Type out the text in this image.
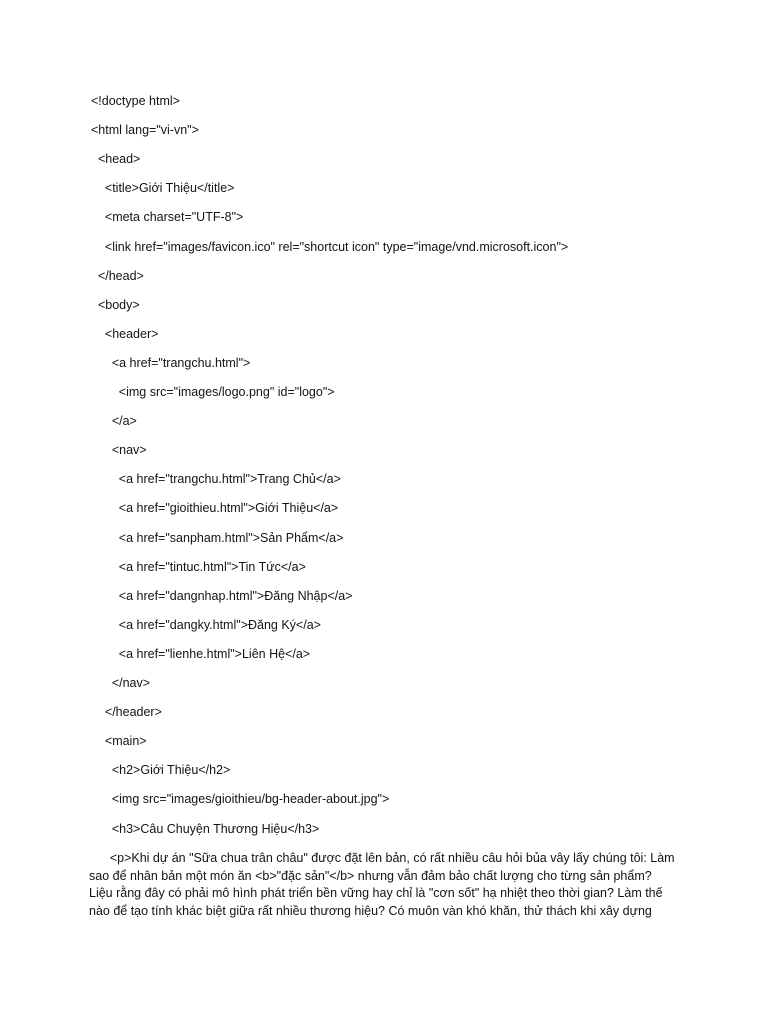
<!doctype html>
<html lang="vi-vn">
<head>
<title>Giới Thiệu</title>
<meta charset="UTF-8">
<link href="images/favicon.ico" rel="shortcut icon" type="image/vnd.microsoft.icon">
</head>
<body>
<header>
<a href="trangchu.html">
<img src="images/logo.png" id="logo">
</a>
<nav>
<a href="trangchu.html">Trang Chủ</a>
<a href="gioithieu.html">Giới Thiệu</a>
<a href="sanpham.html">Sản Phẩm</a>
<a href="tintuc.html">Tin Tức</a>
<a href="dangnhap.html">Đăng Nhập</a>
<a href="dangky.html">Đăng Ký</a>
<a href="lienhe.html">Liên Hệ</a>
</nav>
</header>
<main>
<h2>Giới Thiệu</h2>
<img src="images/gioithieu/bg-header-about.jpg">
<h3>Câu Chuyện Thương Hiệu</h3>
<p>Khi dự án "Sữa chua trân châu" được đặt lên bản, có rất nhiều câu hỏi bủa vây lấy chúng tôi: Làm
sao để nhân bản một món ăn <b>"đặc sản"</b> nhưng vẫn đảm bảo chất lượng cho từng sản phẩm?
Liệu rằng đây có phải mô hình phát triển bền vững hay chỉ là "cơn sốt" hạ nhiệt theo thời gian? Làm thế
nào để tạo tính khác biệt giữa rất nhiều thương hiệu? Có muôn vàn khó khăn, thử thách khi xây dựng
